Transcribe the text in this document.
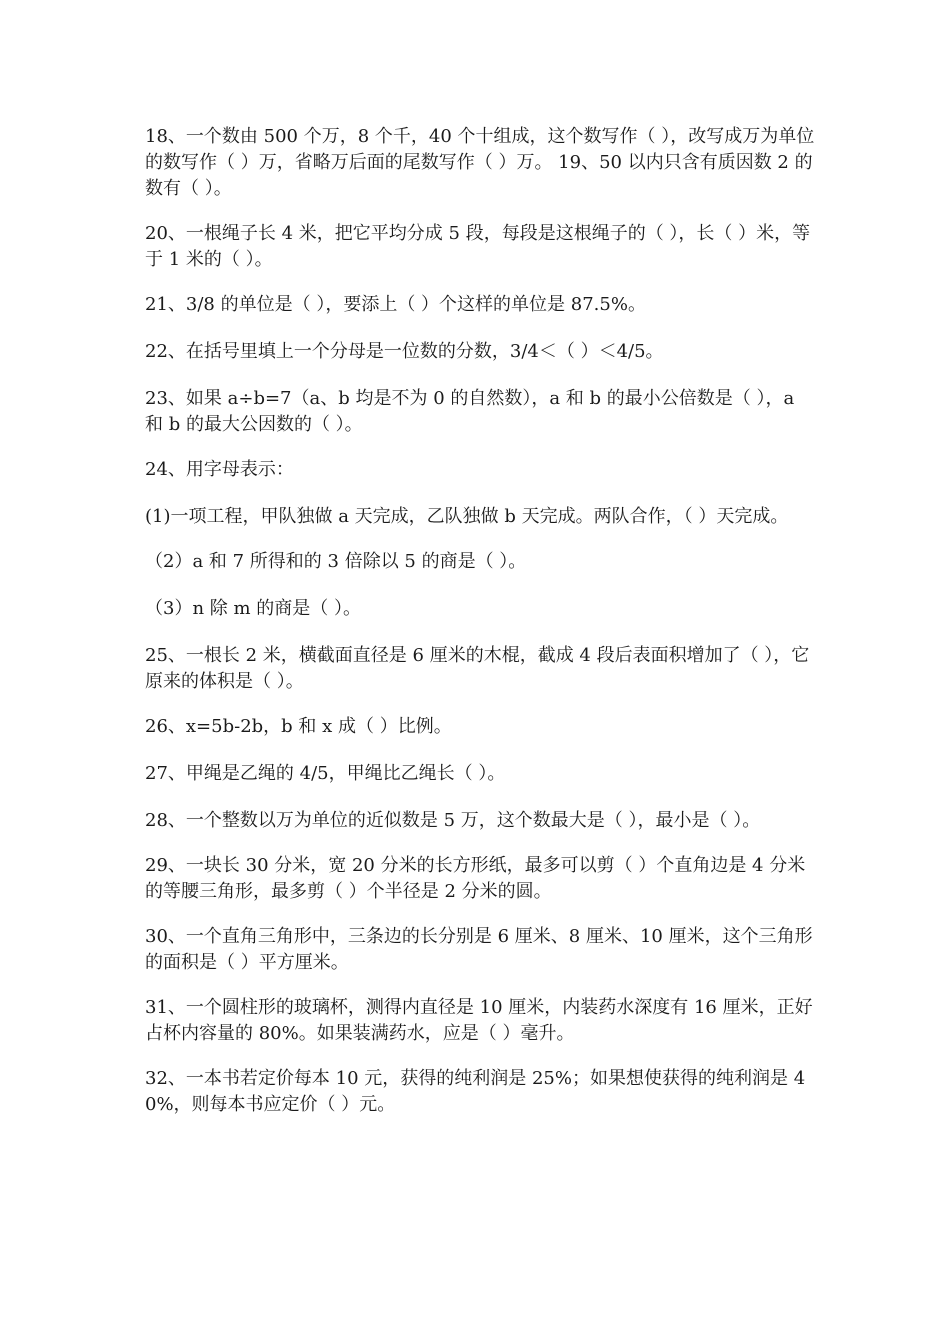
18、一个数由 500 个万，8 个千，40 个十组成，这个数写作（ ），改写成万为单位的数写作（ ）万，省略万后面的尾数写作（ ）万。 19、50 以内只含有质因数 2 的数有（ ）。

20、一根绳子长 4 米，把它平均分成 5 段，每段是这根绳子的（ ），长（ ）米，等于 1 米的（ ）。

21、3/8 的单位是（ ），要添上（ ）个这样的单位是 87.5%。

22、在括号里填上一个分母是一位数的分数，3/4＜（ ）＜4/5。

23、如果 a÷b=7（a、b 均是不为 0 的自然数），a 和 b 的最小公倍数是（ ），a 和 b 的最大公因数的（ ）。

24、用字母表示：

(1)一项工程，甲队独做 a 天完成，乙队独做 b 天完成。两队合作，（ ）天完成。

（2）a 和 7 所得和的 3 倍除以 5 的商是（ ）。

（3）n 除 m 的商是（ ）。

25、一根长 2 米，横截面直径是 6 厘米的木棍，截成 4 段后表面积增加了（ ），它原来的体积是（ ）。

26、x=5b-2b，b 和 x 成（ ）比例。

27、甲绳是乙绳的 4/5，甲绳比乙绳长（ ）。

28、一个整数以万为单位的近似数是 5 万，这个数最大是（ ），最小是（ ）。

29、一块长 30 分米，宽 20 分米的长方形纸，最多可以剪（ ）个直角边是 4 分米的等腰三角形，最多剪（ ）个半径是 2 分米的圆。

30、一个直角三角形中，三条边的长分别是 6 厘米、8 厘米、10 厘米，这个三角形的面积是（ ）平方厘米。

31、一个圆柱形的玻璃杯，测得内直径是 10 厘米，内装药水深度有 16 厘米，正好占杯内容量的 80%。如果装满药水，应是（ ）毫升。

32、一本书若定价每本 10 元，获得的纯利润是 25%；如果想使获得的纯利润是 40%，则每本书应定价（ ）元。
